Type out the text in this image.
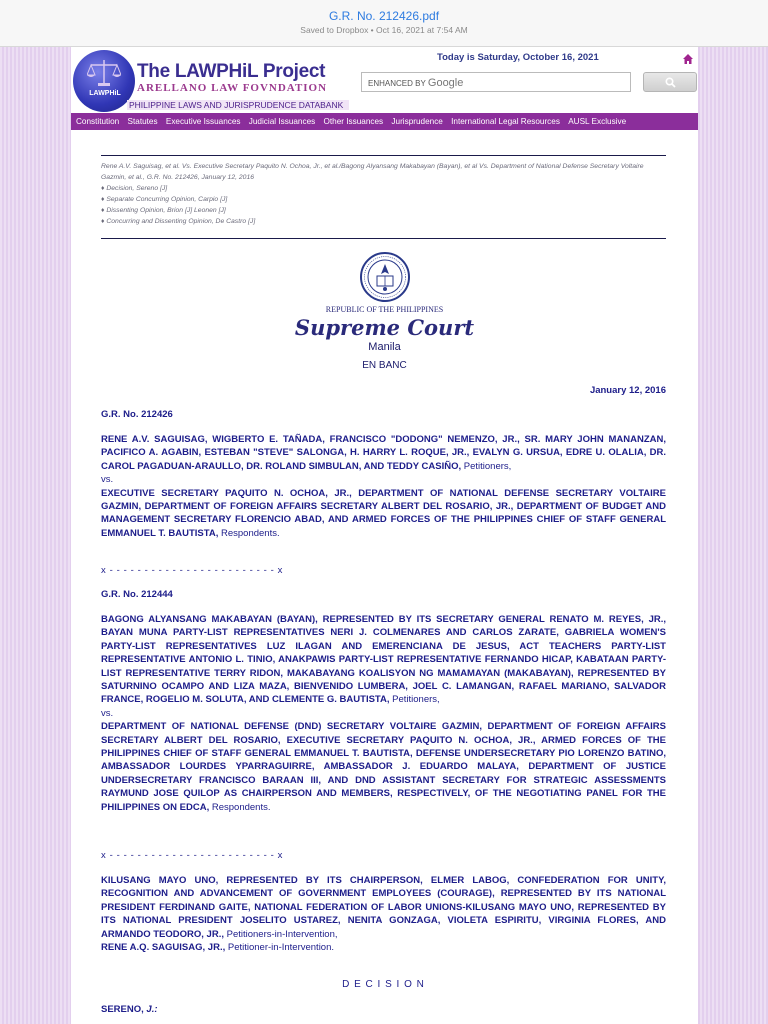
G.R. No. 212426.pdf
Saved to Dropbox • Oct 16, 2021 at 7:54 AM
LAWPHiL
The LAWPHiL Project
ARELLANO LAW FOVNDATION
PHILIPPINE LAWS AND JURISPRUDENCE DATABANK
Today is Saturday, October 16, 2021
ENHANCED BY Google
Constitution Statutes Executive Issuances Judicial Issuances Other Issuances Jurisprudence International Legal Resources AUSL Exclusive
Rene A.V. Saguisag, et al. Vs. Executive Secretary Paquito N. Ochoa, Jr., et al./Bagong Alyansang Makabayan (Bayan), et al Vs. Department of National Defense Secretary Voltaire Gazmin, et al., G.R. No. 212426, January 12, 2016
♦ Decision, Sereno [J]
♦ Separate Concurring Opinion, Carpio [J]
♦ Dissenting Opinion, Brion [J] Leonen [J]
♦ Concurring and Dissenting Opinion, De Castro [J]
REPUBLIC OF THE PHILIPPINES
Supreme Court
Manila
EN BANC
January 12, 2016
G.R. No. 212426
RENE A.V. SAGUISAG, WIGBERTO E. TAÑADA, FRANCISCO "DODONG" NEMENZO, JR., SR. MARY JOHN MANANZAN, PACIFICO A. AGABIN, ESTEBAN "STEVE" SALONGA, H. HARRY L. ROQUE, JR., EVALYN G. URSUA, EDRE U. OLALIA, DR. CAROL PAGADUAN-ARAULLO, DR. ROLAND SIMBULAN, AND TEDDY CASIÑO, Petitioners,
vs.
EXECUTIVE SECRETARY PAQUITO N. OCHOA, JR., DEPARTMENT OF NATIONAL DEFENSE SECRETARY VOLTAIRE GAZMIN, DEPARTMENT OF FOREIGN AFFAIRS SECRETARY ALBERT DEL ROSARIO, JR., DEPARTMENT OF BUDGET AND MANAGEMENT SECRETARY FLORENCIO ABAD, AND ARMED FORCES OF THE PHILIPPINES CHIEF OF STAFF GENERAL EMMANUEL T. BAUTISTA, Respondents.
x - - - - - - - - - - - - - - - - - - - - - - - - x
G.R. No. 212444
BAGONG ALYANSANG MAKABAYAN (BAYAN), REPRESENTED BY ITS SECRETARY GENERAL RENATO M. REYES, JR., BAYAN MUNA PARTY-LIST REPRESENTATIVES NERI J. COLMENARES AND CARLOS ZARATE, GABRIELA WOMEN'S PARTY-LIST REPRESENTATIVES LUZ ILAGAN AND EMERENCIANA DE JESUS, ACT TEACHERS PARTY-LIST REPRESENTATIVE ANTONIO L. TINIO, ANAKPAWIS PARTY-LIST REPRESENTATIVE FERNANDO HICAP, KABATAAN PARTY-LIST REPRESENTATIVE TERRY RIDON, MAKABAYANG KOALISYON NG MAMAMAYAN (MAKABAYAN), REPRESENTED BY SATURNINO OCAMPO AND LIZA MAZA, BIENVENIDO LUMBERA, JOEL C. LAMANGAN, RAFAEL MARIANO, SALVADOR FRANCE, ROGELIO M. SOLUTA, AND CLEMENTE G. BAUTISTA, Petitioners,
vs.
DEPARTMENT OF NATIONAL DEFENSE (DND) SECRETARY VOLTAIRE GAZMIN, DEPARTMENT OF FOREIGN AFFAIRS SECRETARY ALBERT DEL ROSARIO, EXECUTIVE SECRETARY PAQUITO N. OCHOA, JR., ARMED FORCES OF THE PHILIPPINES CHIEF OF STAFF GENERAL EMMANUEL T. BAUTISTA, DEFENSE UNDERSECRETARY PIO LORENZO BATINO, AMBASSADOR LOURDES YPARRAGUIRRE, AMBASSADOR J. EDUARDO MALAYA, DEPARTMENT OF JUSTICE UNDERSECRETARY FRANCISCO BARAAN III, AND DND ASSISTANT SECRETARY FOR STRATEGIC ASSESSMENTS RAYMUND JOSE QUILOP AS CHAIRPERSON AND MEMBERS, RESPECTIVELY, OF THE NEGOTIATING PANEL FOR THE PHILIPPINES ON EDCA, Respondents.
x - - - - - - - - - - - - - - - - - - - - - - - - x
KILUSANG MAYO UNO, REPRESENTED BY ITS CHAIRPERSON, ELMER LABOG, CONFEDERATION FOR UNITY, RECOGNITION AND ADVANCEMENT OF GOVERNMENT EMPLOYEES (COURAGE), REPRESENTED BY ITS NATIONAL PRESIDENT FERDINAND GAITE, NATIONAL FEDERATION OF LABOR UNIONS-KILUSANG MAYO UNO, REPRESENTED BY ITS NATIONAL PRESIDENT JOSELITO USTAREZ, NENITA GONZAGA, VIOLETA ESPIRITU, VIRGINIA FLORES, AND ARMANDO TEODORO, JR., Petitioners-in-Intervention,
RENE A.Q. SAGUISAG, JR., Petitioner-in-Intervention.
D E C I S I O N
SERENO, J.:
